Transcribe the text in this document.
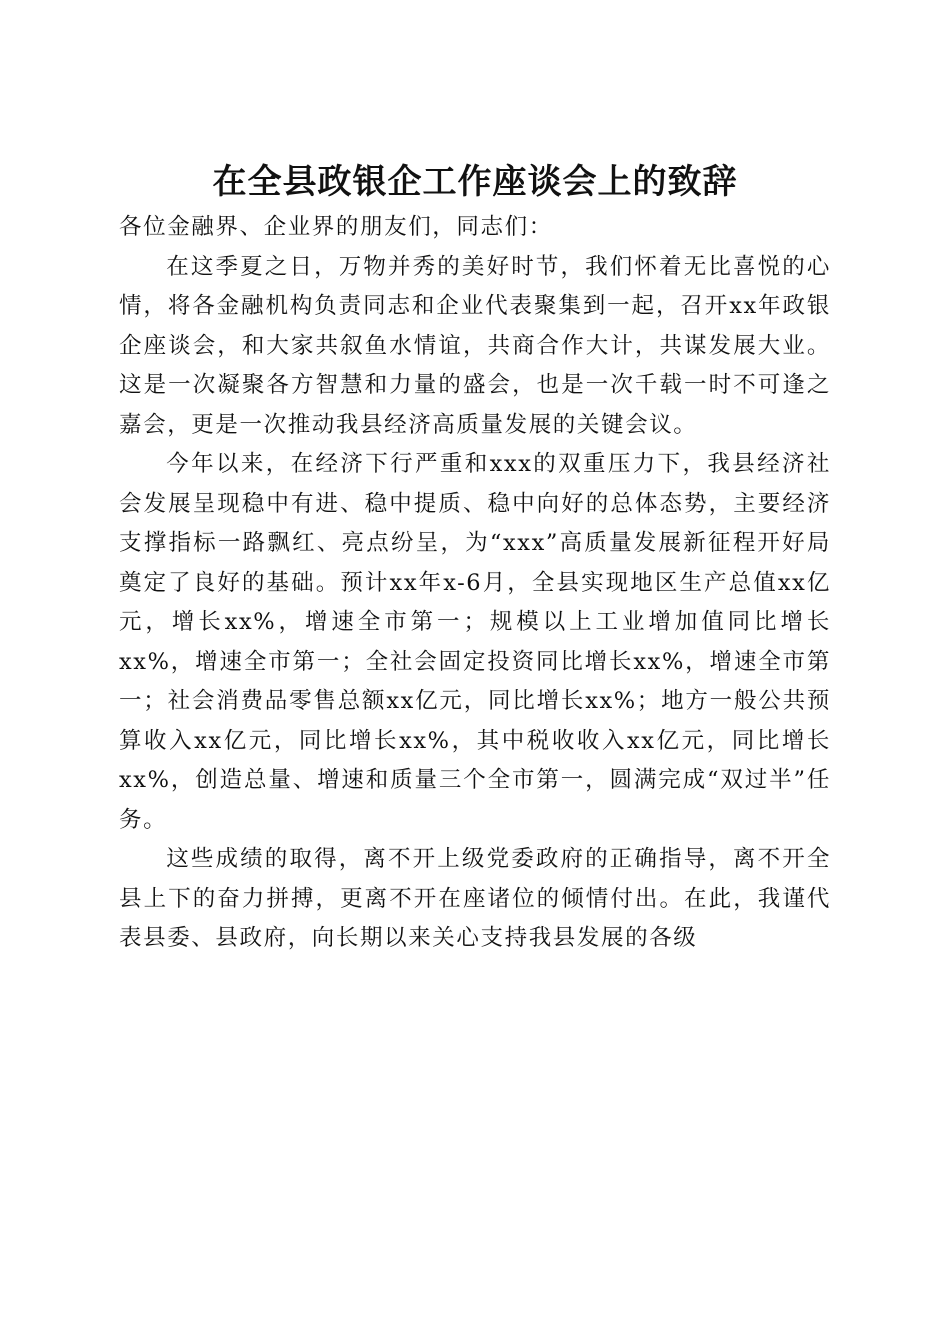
在全县政银企工作座谈会上的致辞

各位金融界、企业界的朋友们，同志们：

在这季夏之日，万物并秀的美好时节，我们怀着无比喜悦的心情，将各金融机构负责同志和企业代表聚集到一起，召开xx年政银企座谈会，和大家共叙鱼水情谊，共商合作大计，共谋发展大业。这是一次凝聚各方智慧和力量的盛会，也是一次千载一时不可逢之嘉会，更是一次推动我县经济高质量发展的关键会议。

今年以来，在经济下行严重和xxx的双重压力下，我县经济社会发展呈现稳中有进、稳中提质、稳中向好的总体态势，主要经济支撑指标一路飘红、亮点纷呈，为“xxx”高质量发展新征程开好局奠定了良好的基础。预计xx年x-6月，全县实现地区生产总值xx亿元，增长xx%，增速全市第一；规模以上工业增加值同比增长xx%，增速全市第一；全社会固定投资同比增长xx%，增速全市第一；社会消费品零售总额xx亿元，同比增长xx%；地方一般公共预算收入xx亿元，同比增长xx%，其中税收收入xx亿元，同比增长xx%，创造总量、增速和质量三个全市第一，圆满完成“双过半”任务。

这些成绩的取得，离不开上级党委政府的正确指导，离不开全县上下的奋力拼搏，更离不开在座诸位的倾情付出。在此，我谨代表县委、县政府，向长期以来关心支持我县发展的各级
